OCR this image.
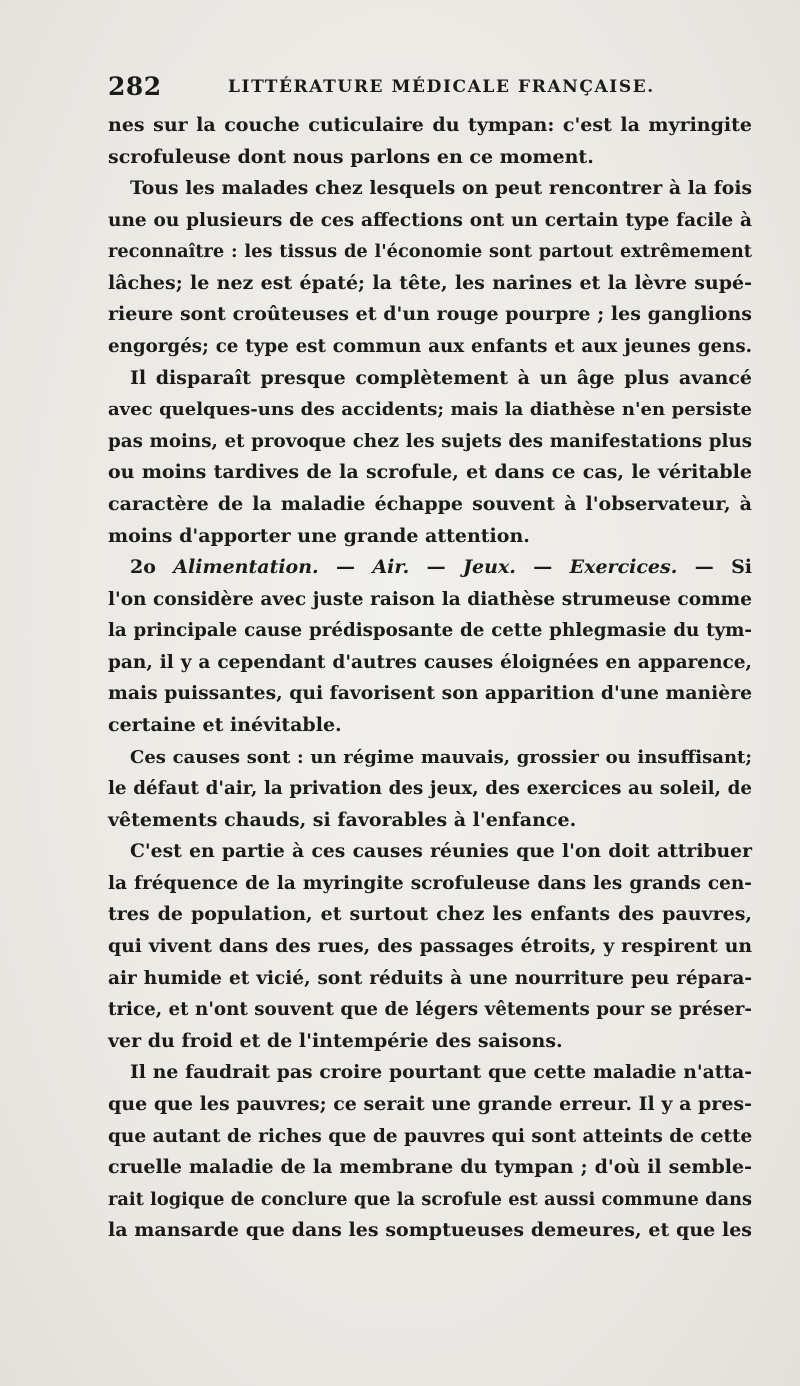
282	LITTÉRATURE MÉDICALE FRANÇAISE.
nes sur la couche cuticulaire du tympan: c'est la myringite
scrofuleuse dont nous parlons en ce moment.
Tous les malades chez lesquels on peut rencontrer à la fois
une ou plusieurs de ces affections ont un certain type facile à
reconnaître : les tissus de l'économie sont partout extrêmement
lâches; le nez est épaté; la tête, les narines et la lèvre supé-
rieure sont croûteuses et d'un rouge pourpre ; les ganglions
engorgés; ce type est commun aux enfants et aux jeunes gens.
Il disparaît presque complètement à un âge plus avancé
avec quelques-uns des accidents; mais la diathèse n'en persiste
pas moins, et provoque chez les sujets des manifestations plus
ou moins tardives de la scrofule, et dans ce cas, le véritable
caractère de la maladie échappe souvent à l'observateur, à
moins d'apporter une grande attention.
2o Alimentation. — Air. — Jeux. — Exercices. — Si
l'on considère avec juste raison la diathèse strumeuse comme
la principale cause prédisposante de cette phlegmasie du tym-
pan, il y a cependant d'autres causes éloignées en apparence,
mais puissantes, qui favorisent son apparition d'une manière
certaine et inévitable.
Ces causes sont : un régime mauvais, grossier ou insuffisant;
le défaut d'air, la privation des jeux, des exercices au soleil, de
vêtements chauds, si favorables à l'enfance.
C'est en partie à ces causes réunies que l'on doit attribuer
la fréquence de la myringite scrofuleuse dans les grands cen-
tres de population, et surtout chez les enfants des pauvres,
qui vivent dans des rues, des passages étroits, y respirent un
air humide et vicié, sont réduits à une nourriture peu répara-
trice, et n'ont souvent que de légers vêtements pour se préser-
ver du froid et de l'intempérie des saisons.
Il ne faudrait pas croire pourtant que cette maladie n'atta-
que que les pauvres; ce serait une grande erreur. Il y a pres-
que autant de riches que de pauvres qui sont atteints de cette
cruelle maladie de la membrane du tympan ; d'où il semble-
rait logique de conclure que la scrofule est aussi commune dans
la mansarde que dans les somptueuses demeures, et que les
